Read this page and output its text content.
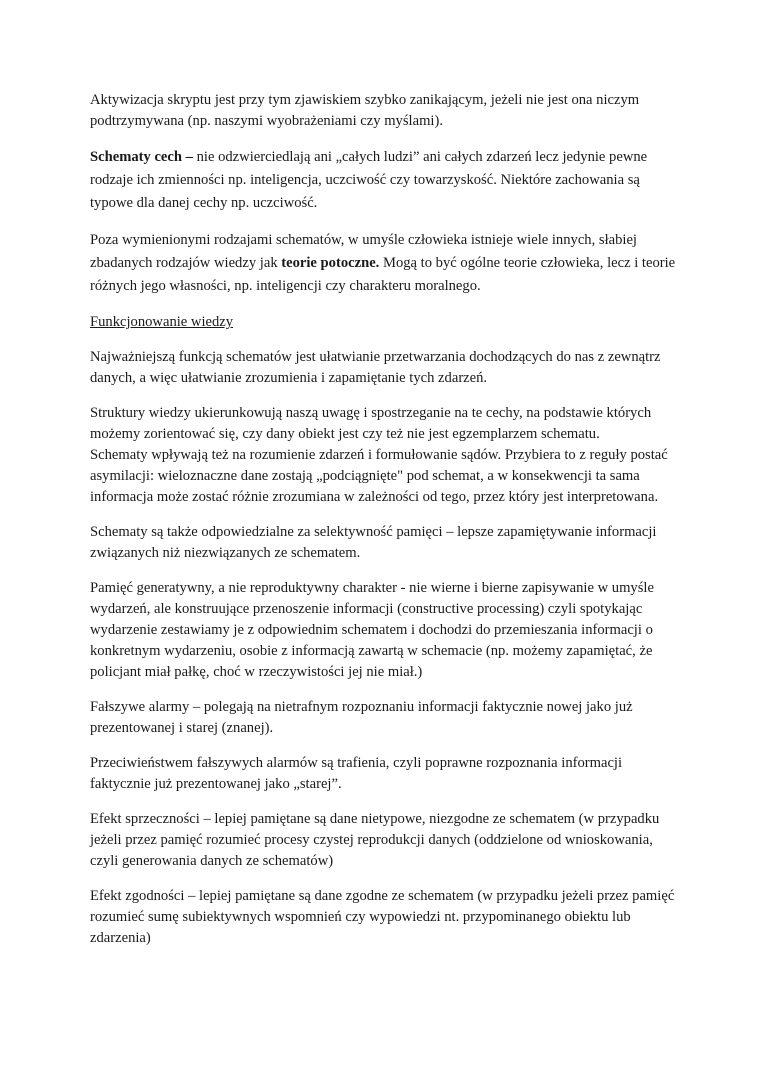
Aktywizacja skryptu jest przy tym zjawiskiem szybko zanikającym, jeżeli nie jest ona niczym podtrzymywana (np. naszymi wyobrażeniami czy myślami).

Schematy cech – nie odzwierciedlają ani „całych ludzi” ani całych zdarzeń lecz jedynie pewne rodzaje ich zmienności np. inteligencja, uczciwość czy towarzyskość. Niektóre zachowania są typowe dla danej cechy np. uczciwość.

Poza wymienionymi rodzajami schematów, w umyśle człowieka istnieje wiele innych, słabiej zbadanych rodzajów wiedzy jak teorie potoczne. Mogą to być ogólne teorie człowieka, lecz i teorie różnych jego własności, np. inteligencji czy charakteru moralnego.

Funkcjonowanie wiedzy

Najważniejszą funkcją schematów jest ułatwianie przetwarzania dochodzących do nas z zewnątrz danych, a więc ułatwianie zrozumienia i zapamiętanie tych zdarzeń.

Struktury wiedzy ukierunkowują naszą uwagę i spostrzeganie na te cechy, na podstawie których możemy zorientować się, czy dany obiekt jest czy też nie jest egzemplarzem schematu.

Schematy wpływają też na rozumienie zdarzeń i formułowanie sądów. Przybiera to z reguły postać asymilacji: wieloznaczne dane zostają „podciągnięte" pod schemat, a w konsekwencji ta sama informacja może zostać różnie zrozumiana w zależności od tego, przez który jest interpretowana.

Schematy są także odpowiedzialne za selektywność pamięci – lepsze zapamiętywanie informacji związanych niż niezwiązanych ze schematem.

Pamięć generatywny, a nie reproduktywny charakter - nie wierne i bierne zapisywanie w umyśle wydarzeń, ale konstruujące przenoszenie informacji (constructive processing) czyli spotykając wydarzenie zestawiamy je z odpowiednim schematem i dochodzi do przemieszania informacji o konkretnym wydarzeniu, osobie z informacją zawartą w schemacie (np. możemy zapamiętać, że policjant miał pałkę, choć w rzeczywistości jej nie miał.)

Fałszywe alarmy – polegają na nietrafnym rozpoznaniu informacji faktycznie nowej jako już prezentowanej i starej (znanej).

Przeciwieństwem fałszywych alarmów są trafienia, czyli poprawne rozpoznania informacji faktycznie już prezentowanej jako „starej”.

Efekt sprzeczności – lepiej pamiętane są dane nietypowe, niezgodne ze schematem (w przypadku jeżeli przez pamięć rozumieć procesy czystej reprodukcji danych (oddzielone od wnioskowania, czyli generowania danych ze schematów)

Efekt zgodności – lepiej pamiętane są dane zgodne ze schematem (w przypadku jeżeli przez pamięć rozumieć sumę subiektywnych wspomnień czy wypowiedzi nt. przypominanego obiektu lub zdarzenia)
